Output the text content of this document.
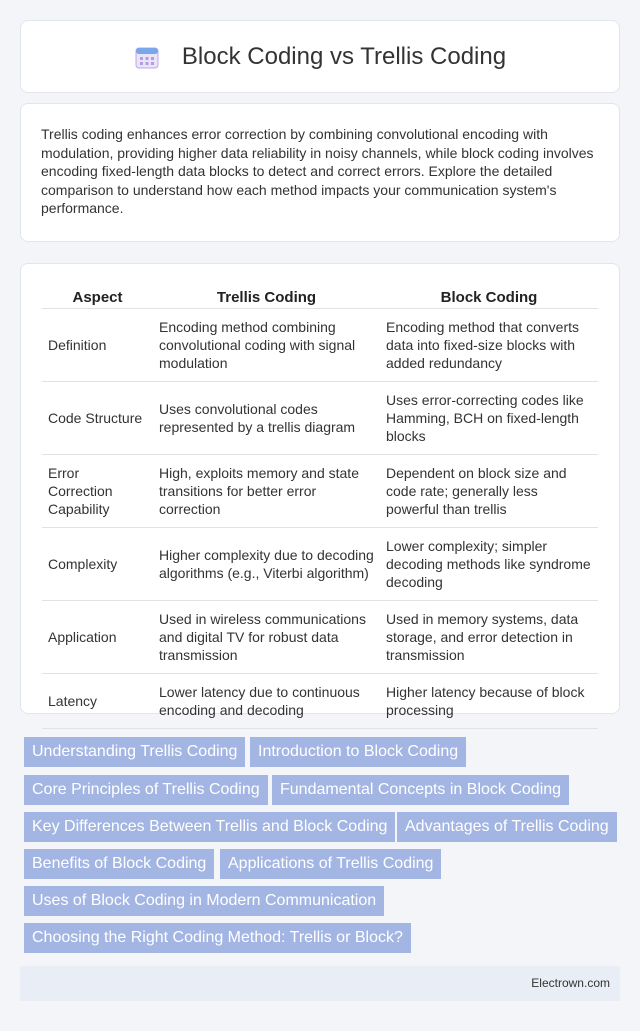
Block Coding vs Trellis Coding

Trellis coding enhances error correction by combining convolutional encoding with modulation, providing higher data reliability in noisy channels, while block coding involves encoding fixed-length data blocks to detect and correct errors. Explore the detailed comparison to understand how each method impacts your communication system's performance.

Aspect	Trellis Coding	Block Coding
Definition	Encoding method combining convolutional coding with signal modulation	Encoding method that converts data into fixed-size blocks with added redundancy
Code Structure	Uses convolutional codes represented by a trellis diagram	Uses error-correcting codes like Hamming, BCH on fixed-length blocks
Error Correction Capability	High, exploits memory and state transitions for better error correction	Dependent on block size and code rate; generally less powerful than trellis
Complexity	Higher complexity due to decoding algorithms (e.g., Viterbi algorithm)	Lower complexity; simpler decoding methods like syndrome decoding
Application	Used in wireless communications and digital TV for robust data transmission	Used in memory systems, data storage, and error detection in transmission
Latency	Lower latency due to continuous encoding and decoding	Higher latency because of block processing
Understanding Trellis Coding	Introduction to Block Coding
Core Principles of Trellis Coding	Fundamental Concepts in Block Coding
Key Differences Between Trellis and Block Coding	Advantages of Trellis Coding
Benefits of Block Coding	Applications of Trellis Coding
Uses of Block Coding in Modern Communication
Choosing the Right Coding Method: Trellis or Block?
Electrown.com
